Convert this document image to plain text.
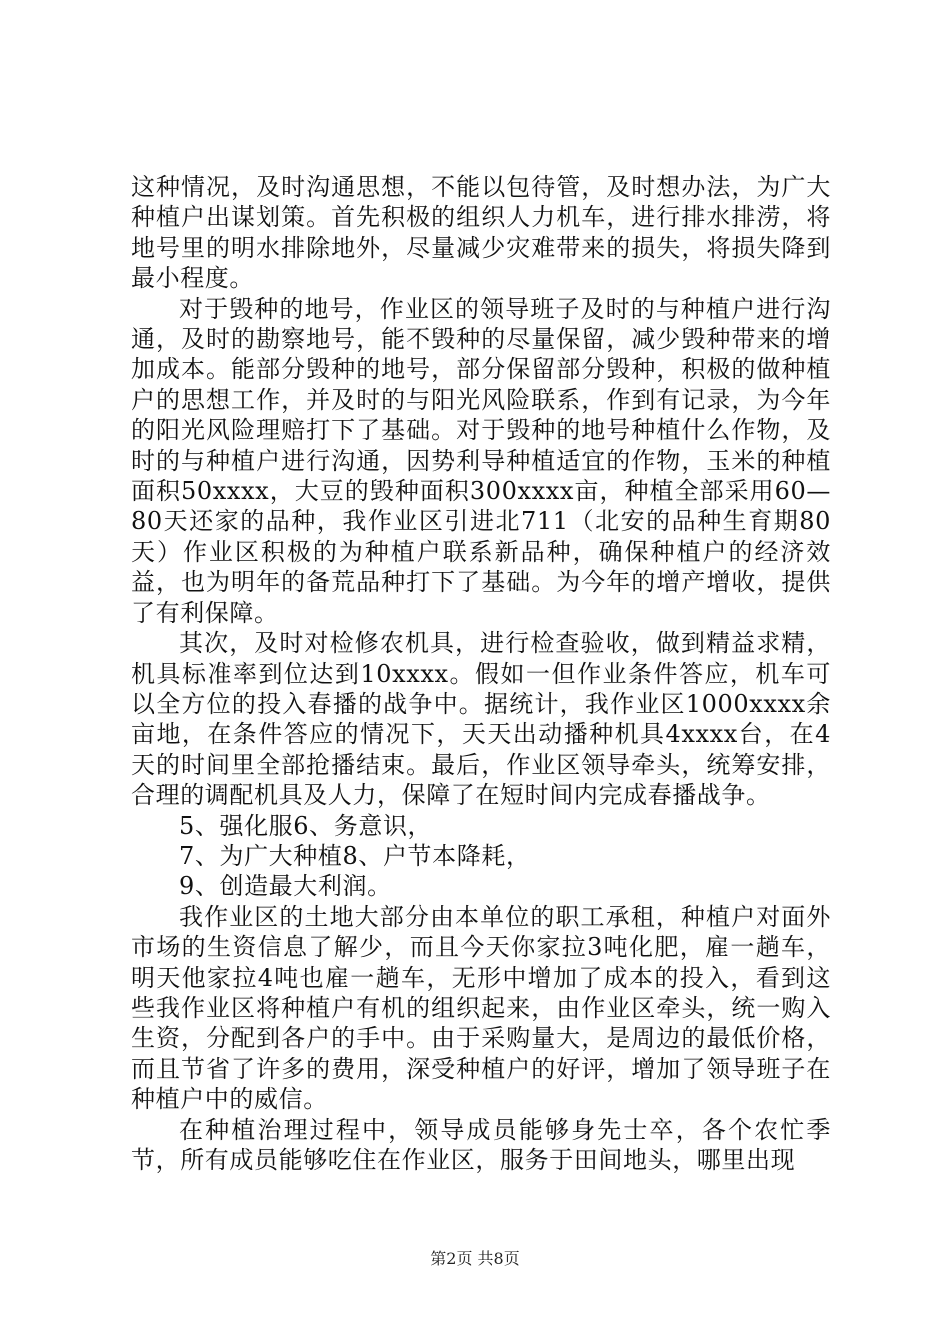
这种情况，及时沟通思想，不能以包待管，及时想办法，为广大种植户出谋划策。首先积极的组织人力机车，进行排水排涝，将地号里的明水排除地外，尽量减少灾难带来的损失，将损失降到最小程度。

对于毁种的地号，作业区的领导班子及时的与种植户进行沟通，及时的勘察地号，能不毁种的尽量保留，减少毁种带来的增加成本。能部分毁种的地号，部分保留部分毁种，积极的做种植户的思想工作，并及时的与阳光风险联系，作到有记录，为今年的阳光风险理赔打下了基础。对于毁种的地号种植什么作物，及时的与种植户进行沟通，因势利导种植适宜的作物，玉米的种植面积50xxxx，大豆的毁种面积300xxxx亩，种植全部采用60—80天还家的品种，我作业区引进北711（北安的品种生育期80天）作业区积极的为种植户联系新品种，确保种植户的经济效益，也为明年的备荒品种打下了基础。为今年的增产增收，提供了有利保障。

其次，及时对检修农机具，进行检查验收，做到精益求精，机具标准率到位达到10xxxx。假如一但作业条件答应，机车可以全方位的投入春播的战争中。据统计，我作业区1000xxxx余亩地，在条件答应的情况下，天天出动播种机具4xxxx台，在4天的时间里全部抢播结束。最后，作业区领导牵头，统筹安排，合理的调配机具及人力，保障了在短时间内完成春播战争。

5、强化服6、务意识，

7、为广大种植8、户节本降耗，

9、创造最大利润。

我作业区的土地大部分由本单位的职工承租，种植户对面外市场的生资信息了解少，而且今天你家拉3吨化肥，雇一趟车，明天他家拉4吨也雇一趟车，无形中增加了成本的投入，看到这些我作业区将种植户有机的组织起来，由作业区牵头，统一购入生资，分配到各户的手中。由于采购量大，是周边的最低价格，而且节省了许多的费用，深受种植户的好评，增加了领导班子在种植户中的威信。

在种植治理过程中，领导成员能够身先士卒，各个农忙季节，所有成员能够吃住在作业区，服务于田间地头，哪里出现

第2页 共8页
